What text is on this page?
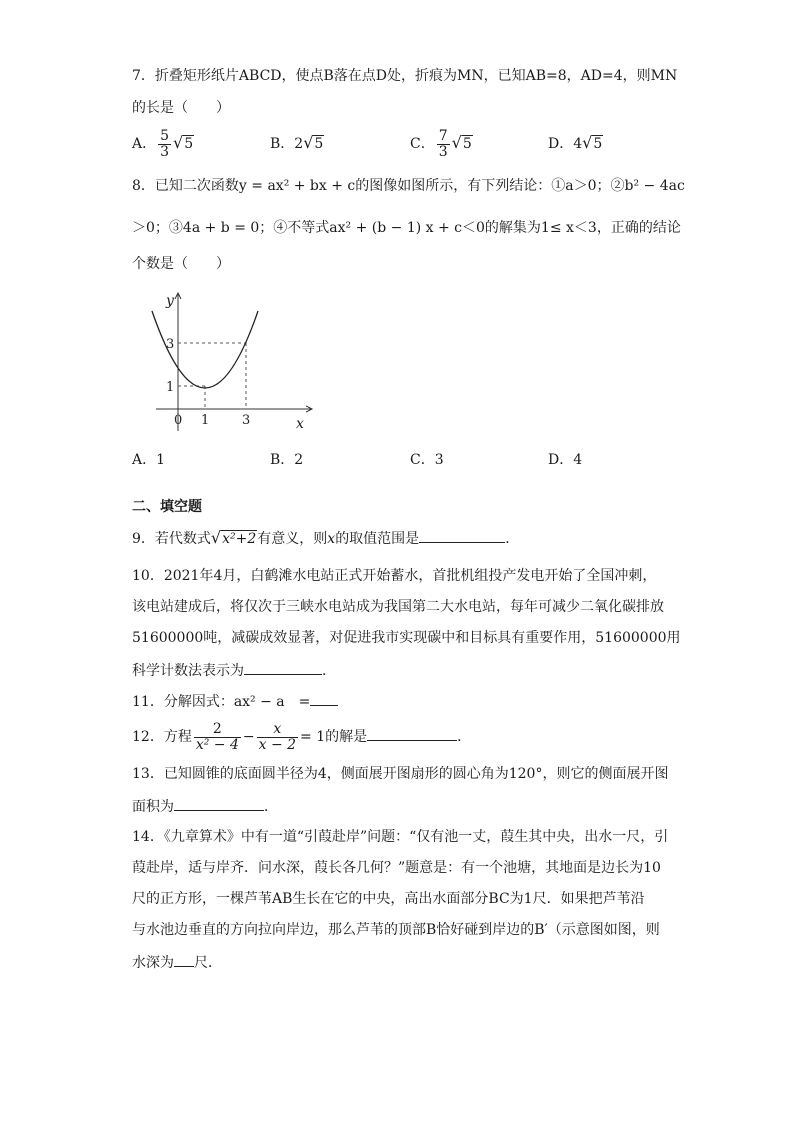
7．折叠矩形纸片ABCD，使点B落在点D处，折痕为MN，已知AB=8，AD=4，则MN
的长是（　　）
A． $\frac{5}{3} √5$	B．2√5	C． $\frac{7}{3} √5$	D．4√5
8．已知二次函数y = ax² + bx + c的图像如图所示，有下列结论：①a＞0；②b² − 4ac
＞0；③4a + b = 0；④不等式ax² + (b − 1) x + c＜0的解集为1≤ x＜3，正确的结论
个数是（　　）
y
x
3
1
0 1	3
A．1	B．2	C．3	D．4
二、填空题
9．若代数式√x²+2有意义，则x的取值范围是	．
10．2021年4月，白鹤滩水电站正式开始蓄水，首批机组投产发电开始了全国冲刺，
该电站建成后，将仅次于三峡水电站成为我国第二大水电站，每年可减少二氧化碳排放
51600000吨，减碳成效显著，对促进我市实现碳中和目标具有重要作用，51600000用
科学计数法表示为	．
11．分解因式：ax² − a　=
12．方程 $\frac{2}{\text{x² − 4}} - \frac{x}{x - 2} = 1$的解是	．
13．已知圆锥的底面圆半径为4，侧面展开图扇形的圆心角为120°，则它的侧面展开图
面积为	．
14．《九章算术》中有一道“引葭赴岸”问题：“仅有池一丈，葭生其中央，出水一尺，引
葭赴岸，适与岸齐．问水深，葭长各几何？”题意是：有一个池塘，其地面是边长为10
尺的正方形，一棵芦苇AB生长在它的中央，高出水面部分BC为1尺．如果把芦苇沿
与水池边垂直的方向拉向岸边，那么芦苇的顶部B恰好碰到岸边的B′（示意图如图，则
水深为 尺．
